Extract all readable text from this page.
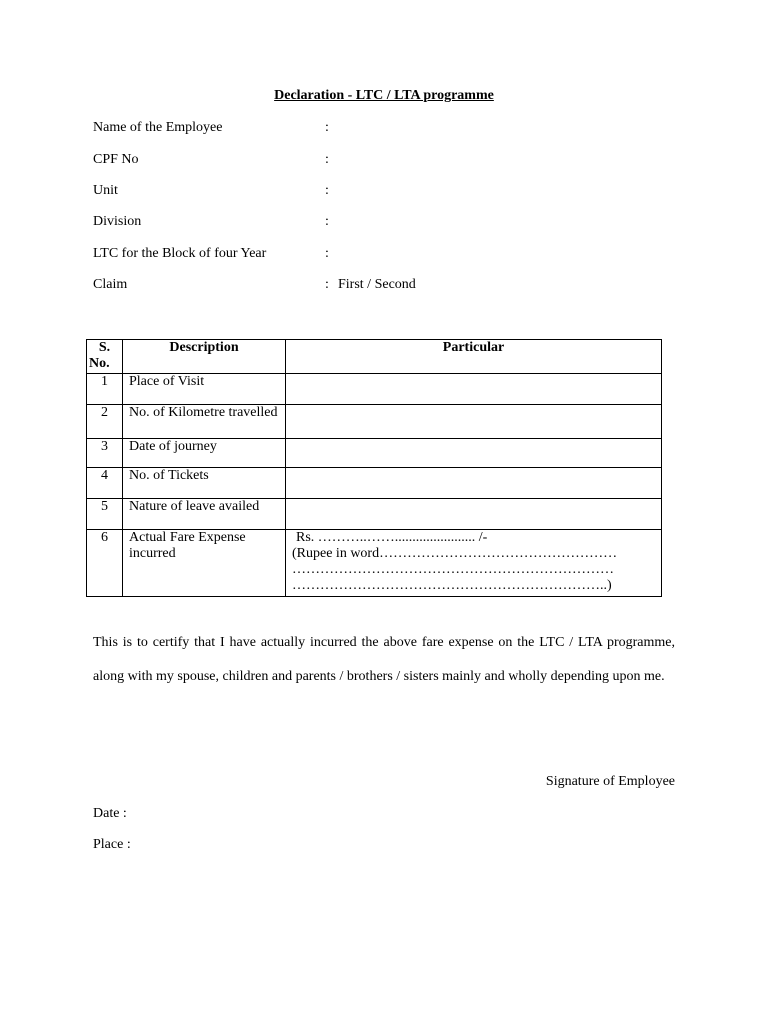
Declaration - LTC / LTA programme
Name of the Employee	:
CPF No	:
Unit	:
Division	:
LTC for the Block of four Year	:
Claim	: First / Second
S.
No.	Description	Particular
1	Place of Visit	
2	No. of Kilometre travelled	
3	Date of journey	
4	No. of Tickets	
5	Nature of leave availed	
6	Actual Fare Expense incurred	Rs. ………..……....................... /-
(Rupee in word……………………………………………
……………………………………………………………
…………………………………………………………..)
This is to certify that I have actually incurred the above fare expense on the LTC / LTA programme, along with my spouse, children and parents / brothers / sisters mainly and wholly depending upon me.
Signature of Employee
Date :
Place :
